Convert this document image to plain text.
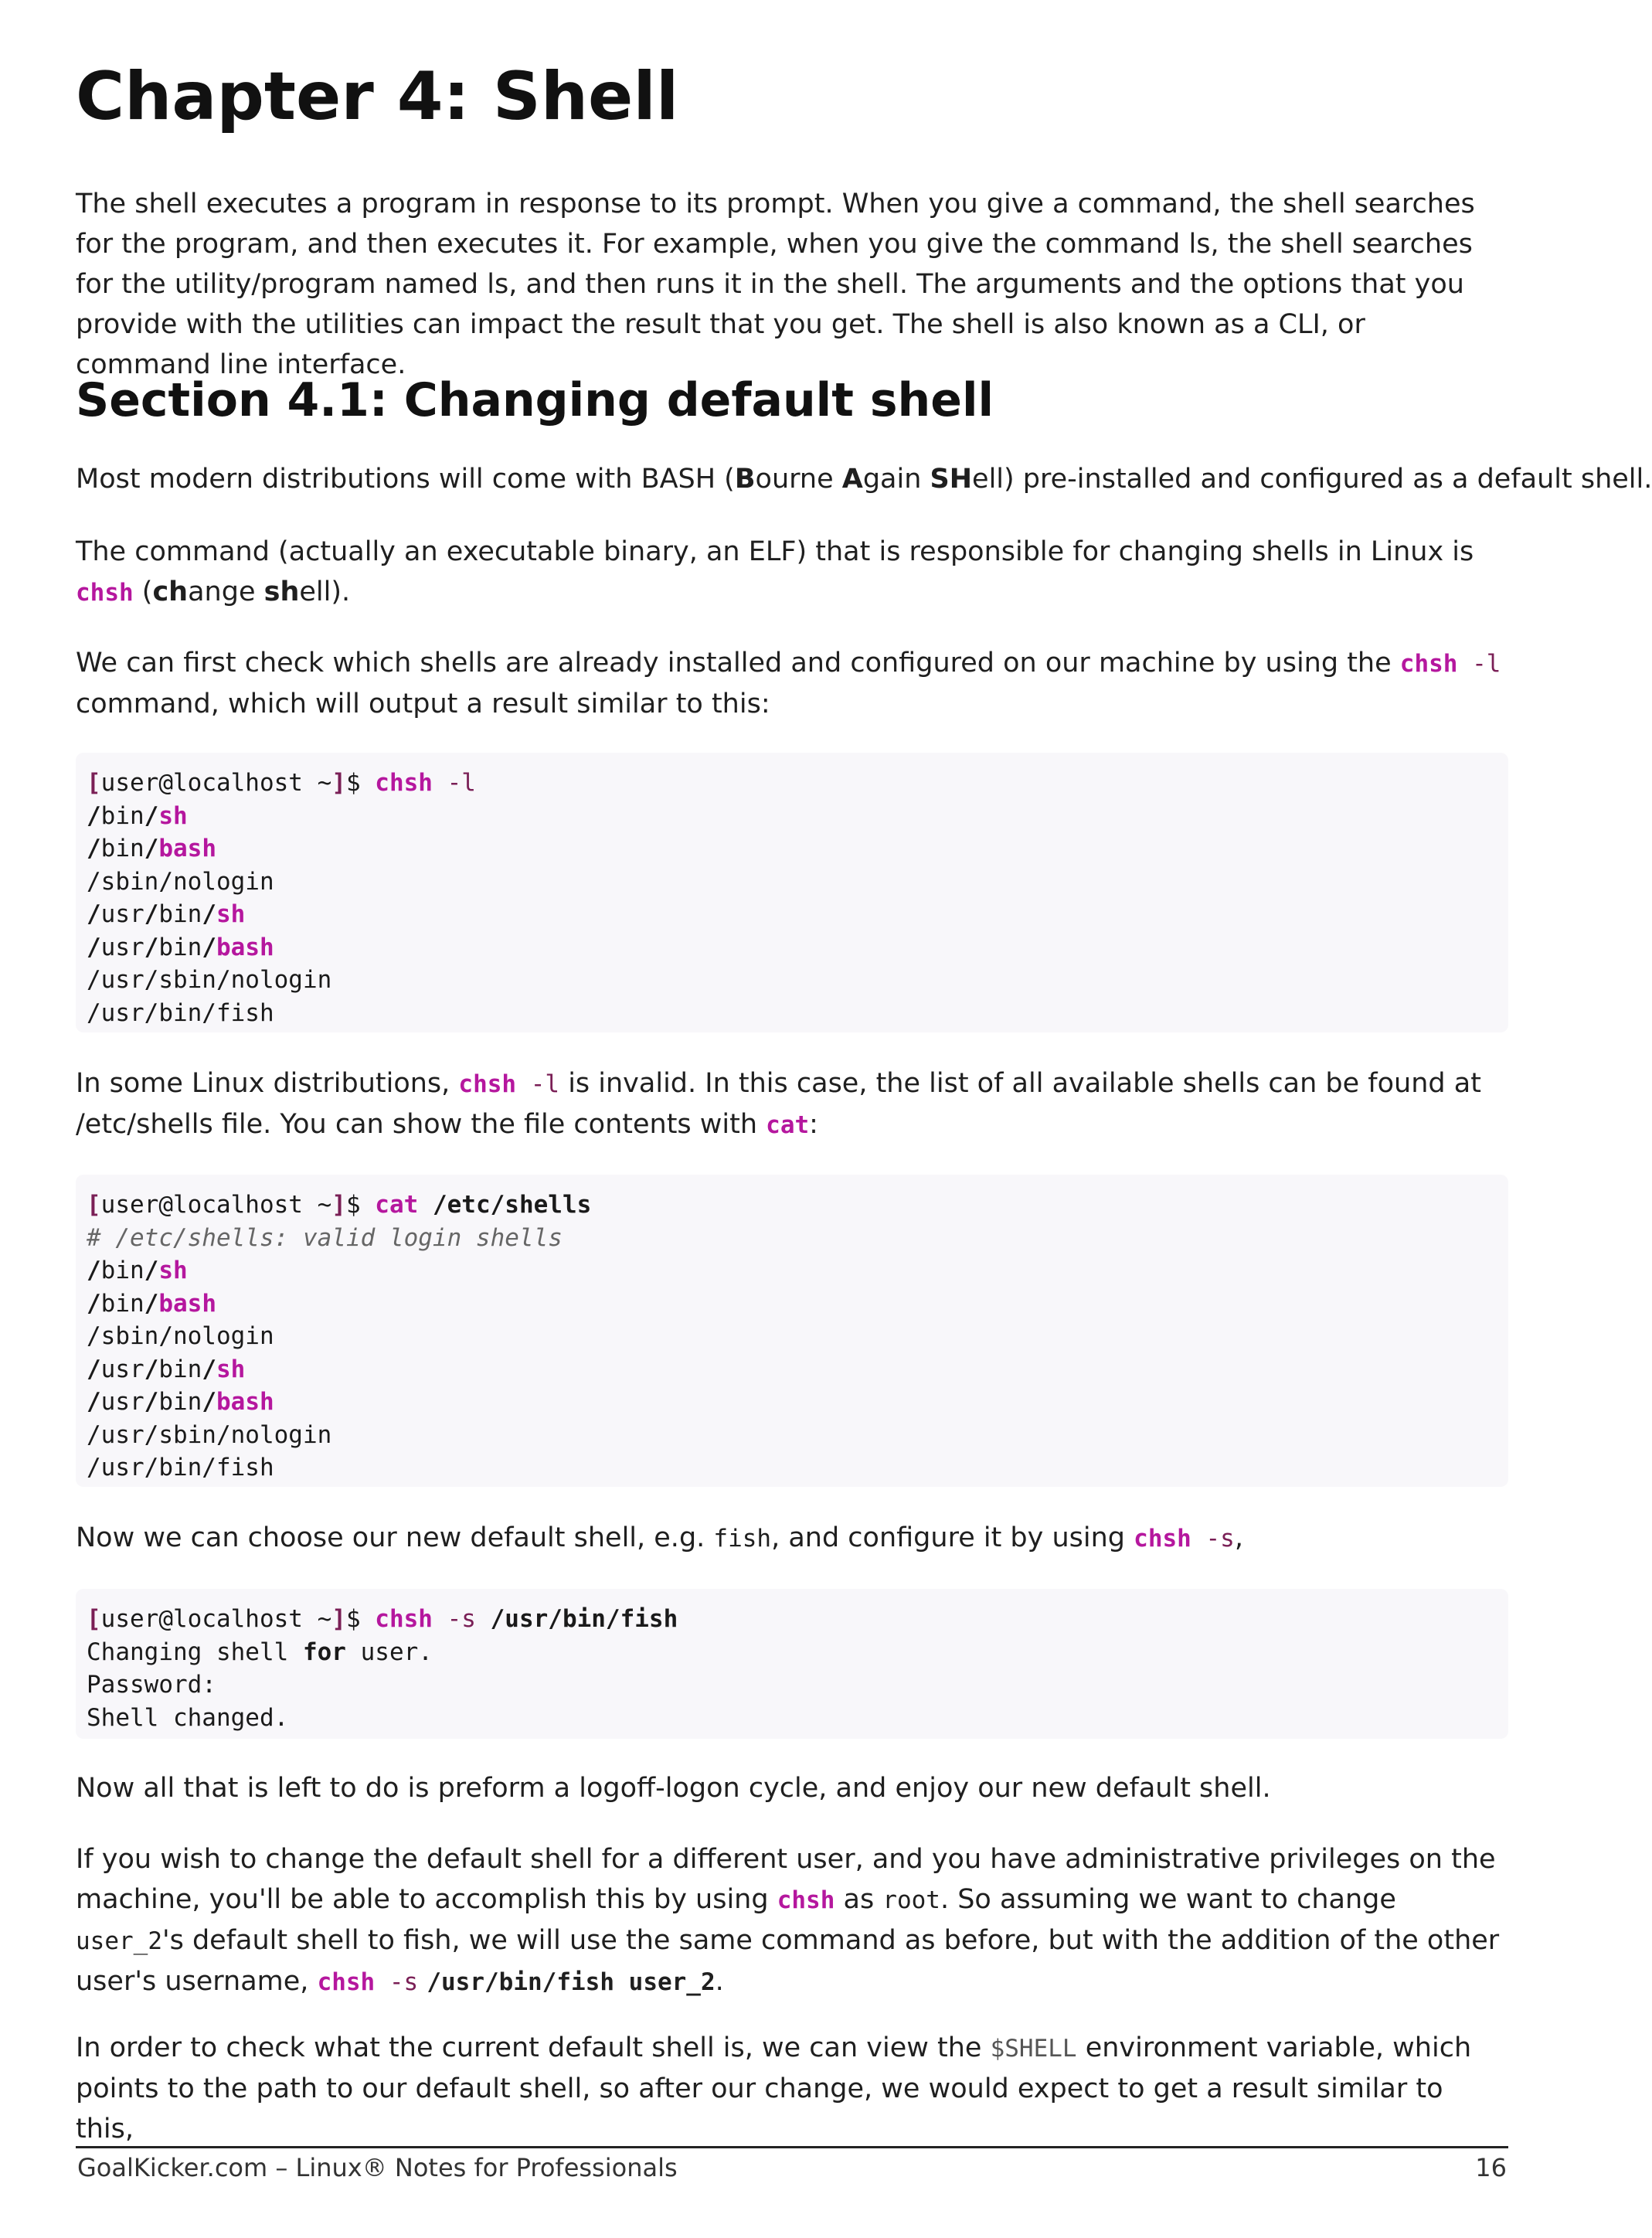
Chapter 4: Shell

The shell executes a program in response to its prompt. When you give a command, the shell searches for the program, and then executes it. For example, when you give the command ls, the shell searches for the utility/program named ls, and then runs it in the shell. The arguments and the options that you provide with the utilities can impact the result that you get. The shell is also known as a CLI, or command line interface.

Section 4.1: Changing default shell

Most modern distributions will come with BASH (Bourne Again SHell) pre-installed and configured as a default shell.

The command (actually an executable binary, an ELF) that is responsible for changing shells in Linux is chsh (change shell).

We can first check which shells are already installed and configured on our machine by using the chsh -l command, which will output a result similar to this:

[user@localhost ~]$ chsh -l
/bin/sh
/bin/bash
/sbin/nologin
/usr/bin/sh
/usr/bin/bash
/usr/sbin/nologin
/usr/bin/fish

In some Linux distributions, chsh -l is invalid. In this case, the list of all available shells can be found at /etc/shells file. You can show the file contents with cat:

[user@localhost ~]$ cat /etc/shells
# /etc/shells: valid login shells
/bin/sh
/bin/bash
/sbin/nologin
/usr/bin/sh
/usr/bin/bash
/usr/sbin/nologin
/usr/bin/fish

Now we can choose our new default shell, e.g. fish, and configure it by using chsh -s,

[user@localhost ~]$ chsh -s /usr/bin/fish
Changing shell for user.
Password:
Shell changed.

Now all that is left to do is preform a logoff-logon cycle, and enjoy our new default shell.

If you wish to change the default shell for a different user, and you have administrative privileges on the machine, you'll be able to accomplish this by using chsh as root. So assuming we want to change user_2's default shell to fish, we will use the same command as before, but with the addition of the other user's username, chsh -s /usr/bin/fish user_2.

In order to check what the current default shell is, we can view the $SHELL environment variable, which points to the path to our default shell, so after our change, we would expect to get a result similar to this,

GoalKicker.com – Linux® Notes for Professionals	16
